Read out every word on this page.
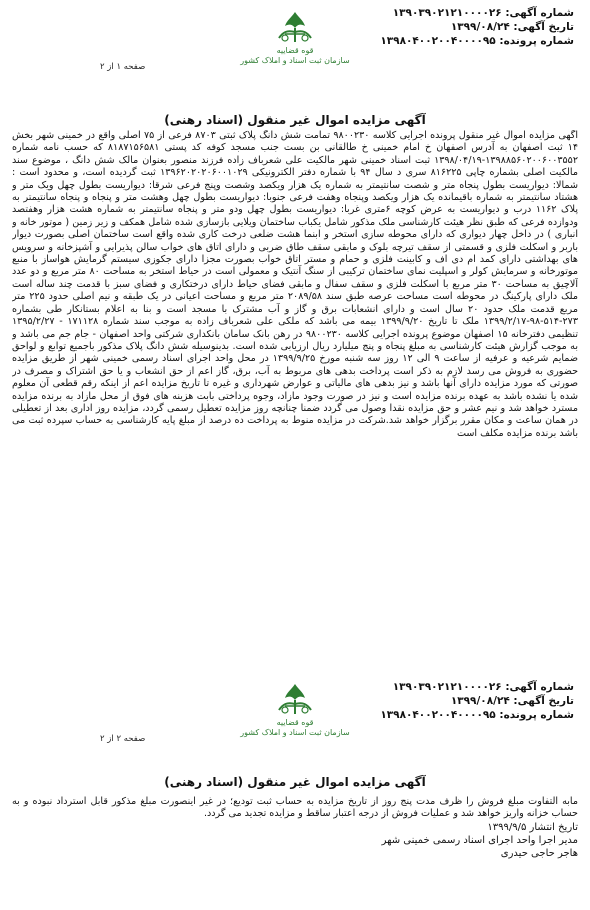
شماره آگهی: ۱۳۹۰۳۹۰۲۱۲۱۰۰۰۰۲۶
تاریخ آگهی: ۱۳۹۹/۰۸/۲۴
شماره پرونده: ۱۳۹۸۰۴۰۰۲۰۰۴۰۰۰۰۹۵
قوه قضاییه
سازمان ثبت اسناد و املاک کشور
صفحه ۱ از ۲
آگهی مزایده اموال غیر منقول (اسناد رهنی)

آگهی مزایده اموال غیر منقول پرونده اجرایی کلاسه ۹۸۰۰۲۳۰ تمامت شش دانگ پلاک ثبتی ۸۷۰۳ فرعی از ۷۵ اصلی واقع در خمینی شهر بخش ۱۴ ثبت اصفهان به آدرس اصفهان خ امام خمینی خ طالقانی بن بست جنب مسجد کوفه کد پستی ۸۱۸۷۱۵۶۵۸۱ که حسب نامه شماره ۱۳۹۸۸۵۶۰۲۰۰۶۰۰۳۵۵۲-۱۳۹۸/۰۴/۱۹ ثبت اسناد خمینی شهر مالکیت علی شعرباف زاده فرزند منصور بعنوان مالک شش دانگ ، موضوع سند مالکیت اصلی بشماره چاپی ۸۱۶۲۲۵ سری د سال ۹۴ با شماره دفتر الکترونیکی ۱۳۹۶۲۰۲۰۲۰۶۰۰۱۰۲۹ ثبت گردیده است، و محدود است : شمالا: دیواریست بطول پنجاه متر و شصت سانتیمتر به شماره یک هزار ویکصد وشصت وپنج فرعی شرقا: دیواریست بطول چهل ویک متر و هشتاد سانتیمتر به شماره باقیمانده یک هزار ویکصد وپنجاه وهفت فرعی جنوبا: دیواریست بطول چهل وهشت متر و پنجاه و پنجاه سانتیمتر به پلاک ۱۱۶۲ درب و دیواریست به عرض کوچه ۶متری غربا: دیواریست بطول چهل ودو متر و پنجاه سانتیمتر به شماره هشت هزار وهفتصد ودوازده فرعی که طبق نظر هیئت کارشناسی ملک مذکور شامل یکباب ساختمان ویلایی بازسازی شده شامل همکف و زیر زمین ( موتور خانه و انباری ) در داخل چهار دیواری که دارای محوطه سازی استخر و ابنما هشت ضلعی درخت کاری شده واقع است ساختمان اصلی بصورت دیوار باربر و اسکلت فلزی و قسمتی از سقف تیرچه بلوک و مابقی سقف طاق ضربی و دارای اتاق های خواب سالن پذیرایی و آشپزخانه و سرویس های بهداشتی دارای کمد ام دی اف و کابینت فلزی و حمام و مستر اتاق خواب بصورت مجزا دارای جکوزی سیستم گرمایش هواساز با منبع موتورخانه و سرمایش کولر و اسپلیت نمای ساختمان ترکیبی از سنگ آنتیک و معمولی است در حیاط استخر به مساحت ۸۰ متر مربع و دو عدد آلاچیق به مساحت ۳۰ متر مربع با اسکلت فلزی و سقف سفال و مابقی فضای حیاط دارای درختکاری و فضای سبز با قدمت چند ساله است ملک دارای پارکینگ در محوطه است مساحت عرصه طبق سند ۲۰۸۹/۵۸ متر مربع و مساحت اعیانی در یک طبقه و نیم اصلی حدود ۲۲۵ متر مربع قدمت ملک حدود ۲۰ سال است و دارای انشعابات برق و گاز و آب مشترک با مسجد است و بنا به اعلام بستانکار طی بشماره ۲۷۳-۵۱۴-۹۸-۱۳۹۹/۲/۱۷ ملک تا تاریخ ۱۳۹۹/۹/۲۰ بیمه می باشد که ملکی علی شعرباف زاده به موجب سند شماره ۱۷۱۱۲۸ - ۱۳۹۵/۲/۲۷ تنظیمی دفترخانه ۱۵ اصفهان موضوع پرونده اجرایی کلاسه ۹۸۰۰۲۳۰ در رهن بانک سامان بانکداری شرکتی واحد اصفهان - جام جم می باشد و به موجب گزارش هیئت کارشناسی به مبلغ پنجاه و پنج میلیارد ریال ارزیابی شده است. بدینوسیله شش دانگ پلاک مذکور باجمیع توابع و لواحق ضمایم شرعیه و عرفیه از ساعت ۹ الی ۱۲ روز سه شنبه مورخ ۱۳۹۹/۹/۲۵ در محل واحد اجرای اسناد رسمی خمینی شهر از طریق مزایده حضوری به فروش می رسد لازم به ذکر است پرداخت بدهی های مربوط به آب، برق، گاز اعم از حق انشعاب و یا حق اشتراک و مصرف در صورتی که مورد مزایده دارای آنها باشد و نیز بدهی های مالیاتی و عوارض شهرداری و غیره تا تاریخ مزایده اعم از اینکه رقم قطعی آن معلوم شده یا نشده باشد به عهده برنده مزایده است و نیز در صورت وجود مازاد، وجوه پرداختی بابت هزینه های فوق از محل مازاد به برنده مزایده مسترد خواهد شد و نیم عشر و حق مزایده نقدا وصول می گردد ضمنا چنانچه روز مزایده تعطیل رسمی گردد، مزایده روز اداری بعد از تعطیلی در همان ساعت و مکان مقرر برگزار خواهد شد.شرکت در مزایده منوط به پرداخت ده درصد از مبلغ پایه کارشناسی به حساب سپرده ثبت می باشد برنده مزایده مکلف است

شماره آگهی: ۱۳۹۰۳۹۰۲۱۲۱۰۰۰۰۲۶
تاریخ آگهی: ۱۳۹۹/۰۸/۲۴
شماره پرونده: ۱۳۹۸۰۴۰۰۲۰۰۴۰۰۰۰۹۵
قوه قضاییه
سازمان ثبت اسناد و املاک کشور
صفحه ۲ از ۲
آگهی مزایده اموال غیر منقول (اسناد رهنی)

مابه التفاوت مبلغ فروش را ظرف مدت پنج روز از تاریخ مزایده به حساب ثبت تودیع؛ در غیر اینصورت مبلغ مذکور قابل استرداد نبوده و به حساب خزانه واریز خواهد شد و عملیات فروش از درجه اعتبار ساقط و مزایده تجدید می گردد.

تاریخ انتشار ۱۳۹۹/۹/۵

مدیر اجرا واحد اجرای اسناد رسمی خمینی شهر

هاجر حاجی حیدری
